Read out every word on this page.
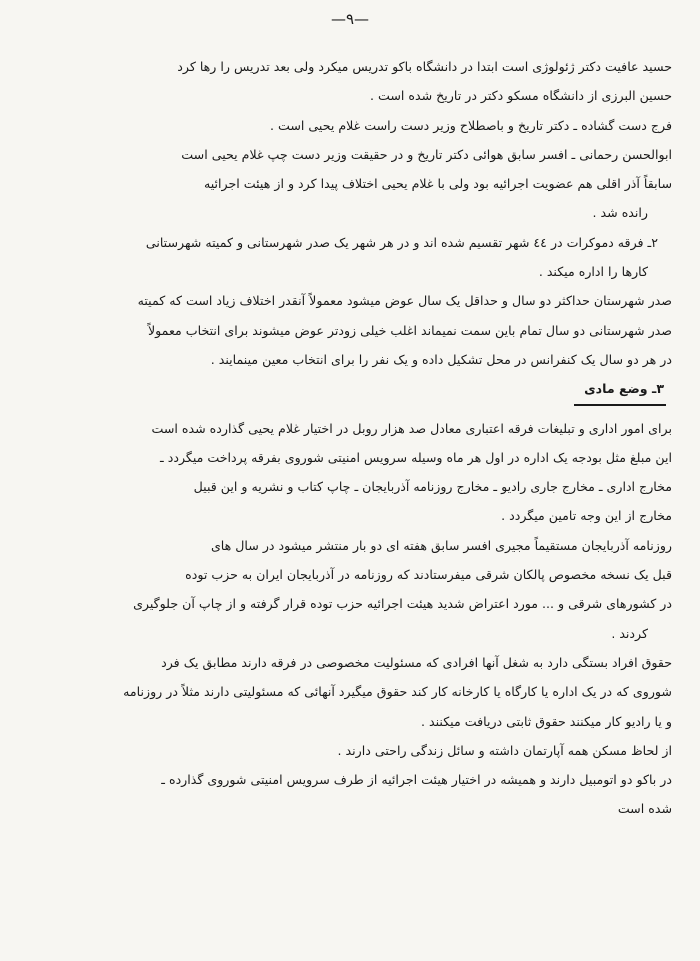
—٩—
حسید عافیت دکتر ژئولوژی است ابتدا در دانشگاه باکو تدریس میکرد ولی بعد تدریس را رها کرد
حسین البرزی از دانشگاه مسکو دکتر در تاریخ شده است .
فرج دست گشاده ـ دکتر تاریخ و باصطلاح وزیر دست راست غلام یحیی است .
ابوالحسن رحمانی ـ افسر سابق هوائی دکتر تاریخ و در حقیقت وزیر دست چپ غلام یحیی است
سابقاً آذر اقلی هم عضویت اجرائیه بود ولی با غلام یحیی اختلاف پیدا کرد و از هیئت اجرائیه
رانده شد .
٢ـ فرقه دموکرات در ٤٤ شهر تقسیم شده اند و در هر شهر یک صدر شهرستانی و کمیته شهرستانی
کارها را اداره میکند .
صدر شهرستان حداکثر دو سال و حداقل یک سال عوض میشود معمولاً آنقدر اختلاف زیاد است که کمیته
صدر شهرستانی دو سال تمام باین سمت نمیماند اغلب خیلی زودتر عوض میشوند برای انتخاب معمولاً
در هر دو سال یک کنفرانس در محل تشکیل داده و یک نفر را برای انتخاب معین مینمایند .
٣ـ وضع مادی
برای امور اداری و تبلیغات فرقه اعتباری معادل صد هزار روبل در اختیار غلام یحیی گذارده شده است
این مبلغ مثل بودجه یک اداره در اول هر ماه وسیله سرویس امنیتی شوروی بفرقه پرداخت میگردد ـ
مخارج اداری ـ مخارج جاری رادیو ـ مخارج روزنامه آذربایجان ـ چاپ کتاب و نشریه و این قبیل
مخارج از این وجه تامین میگردد .
روزنامه آذربایجان مستقیماً مجیری افسر سابق هفته ای دو بار منتشر میشود در سال های
قبل یک نسخه مخصوص پالکان شرقی میفرستادند که روزنامه در آذربایجان ایران به حزب توده
در کشورهای شرقی و ... مورد اعتراض شدید هیئت اجرائیه حزب توده قرار گرفته و از چاپ آن جلوگیری
کردند .
حقوق افراد بستگی دارد به شغل آنها افرادی که مسئولیت مخصوصی در فرقه دارند مطابق یک فرد
شوروی که در یک اداره یا کارگاه یا کارخانه کار کند حقوق میگیرد آنهائی که مسئولیتی دارند مثلاً در روزنامه
و یا رادیو کار میکنند حقوق ثابتی دریافت میکنند .
از لحاظ مسکن همه آپارتمان داشته و سائل زندگی راحتی دارند .
در باکو دو اتومبیل دارند و همیشه در اختیار هیئت اجرائیه از طرف سرویس امنیتی شوروی گذارده ـ
شده است
